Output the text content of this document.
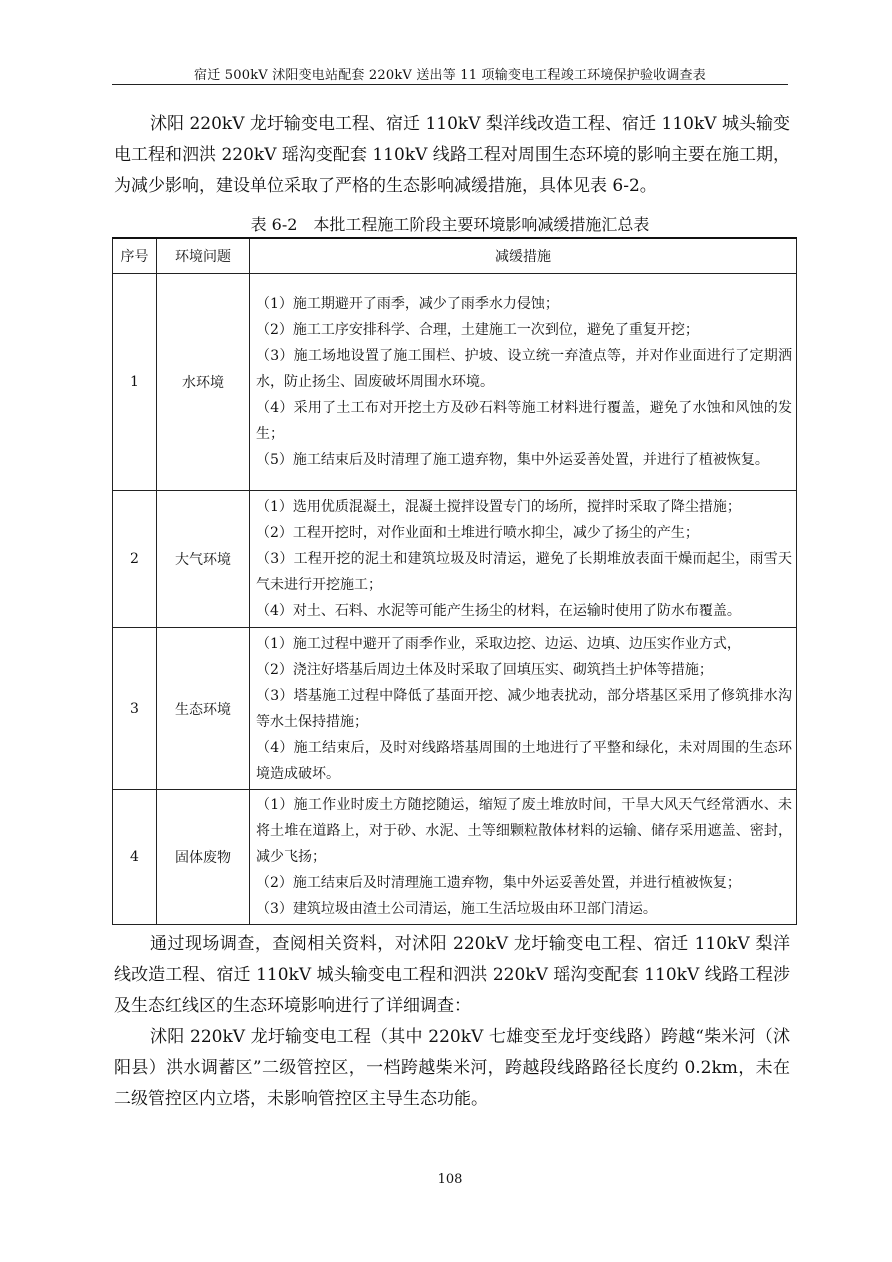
宿迁 500kV 沭阳变电站配套 220kV 送出等 11 项输变电工程竣工环境保护验收调查表
沭阳 220kV 龙圩输变电工程、宿迁 110kV 梨洋线改造工程、宿迁 110kV 城头输变电工程和泗洪 220kV 瑶沟变配套 110kV 线路工程对周围生态环境的影响主要在施工期，为减少影响，建设单位采取了严格的生态影响减缓措施，具体见表 6-2。
表 6-2　本批工程施工阶段主要环境影响减缓措施汇总表
序号	环境问题	减缓措施
1	水环境	（1）施工期避开了雨季，减少了雨季水力侵蚀；
（2）施工工序安排科学、合理，土建施工一次到位，避免了重复开挖；
（3）施工场地设置了施工围栏、护坡、设立统一弃渣点等，并对作业面进行了定期洒水，防止扬尘、固废破坏周围水环境。
（4）采用了土工布对开挖土方及砂石料等施工材料进行覆盖，避免了水蚀和风蚀的发生；
（5）施工结束后及时清理了施工遗弃物，集中外运妥善处置，并进行了植被恢复。

2	大气环境	（1）选用优质混凝土，混凝土搅拌设置专门的场所，搅拌时采取了降尘措施；
（2）工程开挖时，对作业面和土堆进行喷水抑尘，减少了扬尘的产生；
（3）工程开挖的泥土和建筑垃圾及时清运，避免了长期堆放表面干燥而起尘，雨雪天气未进行开挖施工；
（4）对土、石料、水泥等可能产生扬尘的材料，在运输时使用了防水布覆盖。

3	生态环境	（1）施工过程中避开了雨季作业，采取边挖、边运、边填、边压实作业方式，
（2）浇注好塔基后周边土体及时采取了回填压实、砌筑挡土护体等措施；
（3）塔基施工过程中降低了基面开挖、减少地表扰动，部分塔基区采用了修筑排水沟等水土保持措施；
（4）施工结束后，及时对线路塔基周围的土地进行了平整和绿化，未对周围的生态环境造成破坏。

4	固体废物	（1）施工作业时废土方随挖随运，缩短了废土堆放时间，干旱大风天气经常洒水、未将土堆在道路上，对于砂、水泥、土等细颗粒散体材料的运输、储存采用遮盖、密封，减少飞扬；
（2）施工结束后及时清理施工遗弃物，集中外运妥善处置，并进行植被恢复；
（3）建筑垃圾由渣土公司清运，施工生活垃圾由环卫部门清运。
通过现场调查，查阅相关资料，对沭阳 220kV 龙圩输变电工程、宿迁 110kV 梨洋线改造工程、宿迁 110kV 城头输变电工程和泗洪 220kV 瑶沟变配套 110kV 线路工程涉及生态红线区的生态环境影响进行了详细调查：
沭阳 220kV 龙圩输变电工程（其中 220kV 七雄变至龙圩变线路）跨越“柴米河（沭阳县）洪水调蓄区”二级管控区，一档跨越柴米河，跨越段线路路径长度约 0.2km，未在二级管控区内立塔，未影响管控区主导生态功能。
108
